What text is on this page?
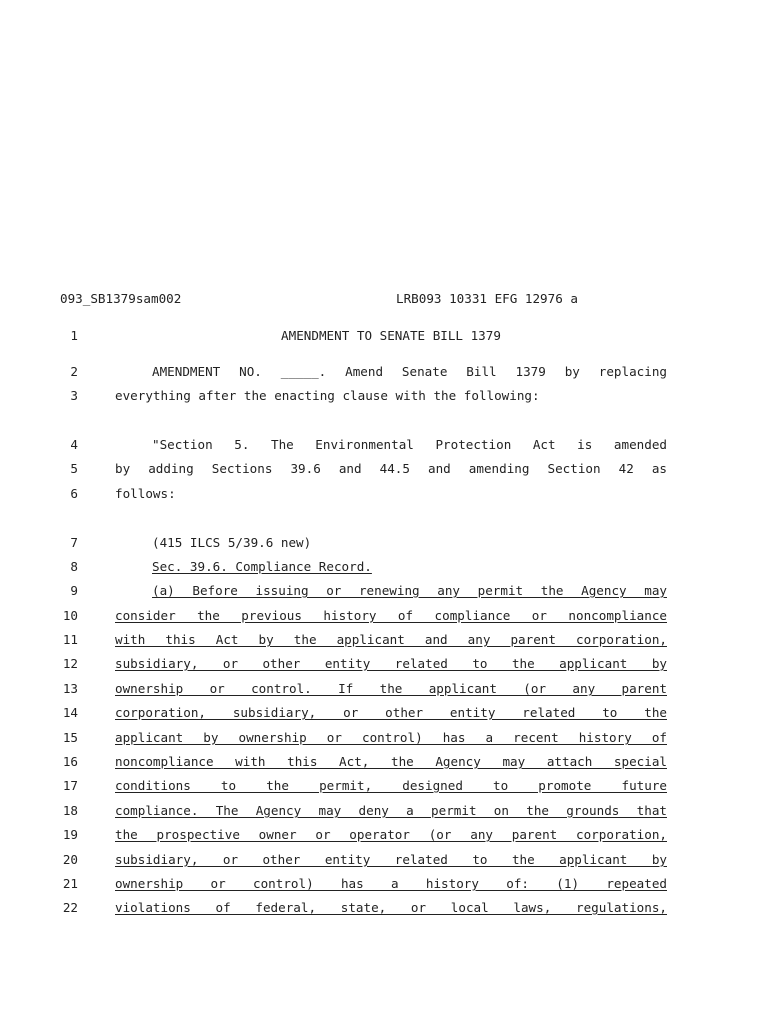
093_SB1379sam002	LRB093 10331 EFG 12976 a
1	AMENDMENT TO SENATE BILL 1379
2	AMENDMENT NO. _____. Amend Senate Bill 1379 by replacing
3	everything after the enacting clause with the following:
4	"Section 5. The Environmental Protection Act is amended
5	by adding Sections 39.6 and 44.5 and amending Section 42 as
6	follows:
7	(415 ILCS 5/39.6 new)
8	Sec. 39.6. Compliance Record.
9	(a) Before issuing or renewing any permit the Agency may
10	consider the previous history of compliance or noncompliance
11	with this Act by the applicant and any parent corporation,
12	subsidiary, or other entity related to the applicant by
13	ownership or control. If the applicant (or any parent
14	corporation, subsidiary, or other entity related to the
15	applicant by ownership or control) has a recent history of
16	noncompliance with this Act, the Agency may attach special
17	conditions to the permit, designed to promote future
18	compliance. The Agency may deny a permit on the grounds that
19	the prospective owner or operator (or any parent corporation,
20	subsidiary, or other entity related to the applicant by
21	ownership or control) has a history of: (1) repeated
22	violations of federal, state, or local laws, regulations,
